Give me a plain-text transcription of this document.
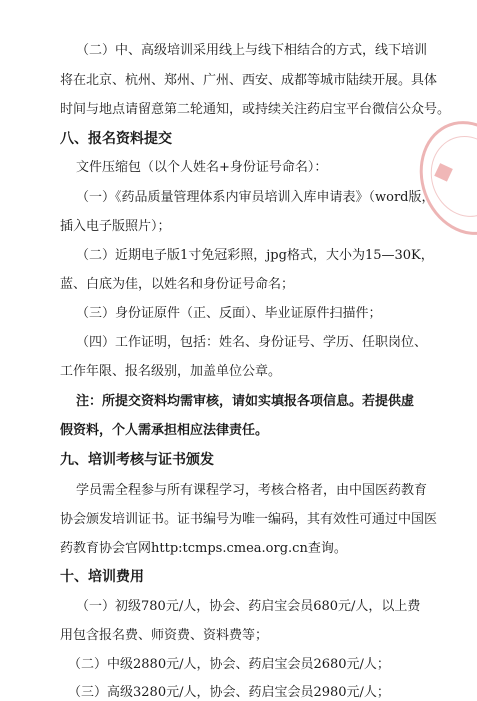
（二）中、高级培训采用线上与线下相结合的方式，线下培训
将在北京、杭州、郑州、广州、西安、成都等城市陆续开展。具体
时间与地点请留意第二轮通知，或持续关注药启宝平台微信公众号。
八、报名资料提交
文件压缩包（以个人姓名+身份证号命名）：
（一）《药品质量管理体系内审员培训入库申请表》（word版，
插入电子版照片）；
（二）近期电子版1寸免冠彩照，jpg格式，大小为15—30K，
蓝、白底为佳，以姓名和身份证号命名；
（三）身份证原件（正、反面）、毕业证原件扫描件；
（四）工作证明，包括：姓名、身份证号、学历、任职岗位、
工作年限、报名级别，加盖单位公章。
注：所提交资料均需审核，请如实填报各项信息。若提供虚
假资料，个人需承担相应法律责任。
九、培训考核与证书颁发
学员需全程参与所有课程学习，考核合格者，由中国医药教育
协会颁发培训证书。证书编号为唯一编码，其有效性可通过中国医
药教育协会官网http:tcmps.cmea.org.cn查询。
十、培训费用
（一）初级780元/人，协会、药启宝会员680元/人，以上费
用包含报名费、师资费、资料费等；
（二）中级2880元/人，协会、药启宝会员2680元/人；
（三）高级3280元/人，协会、药启宝会员2980元/人；
